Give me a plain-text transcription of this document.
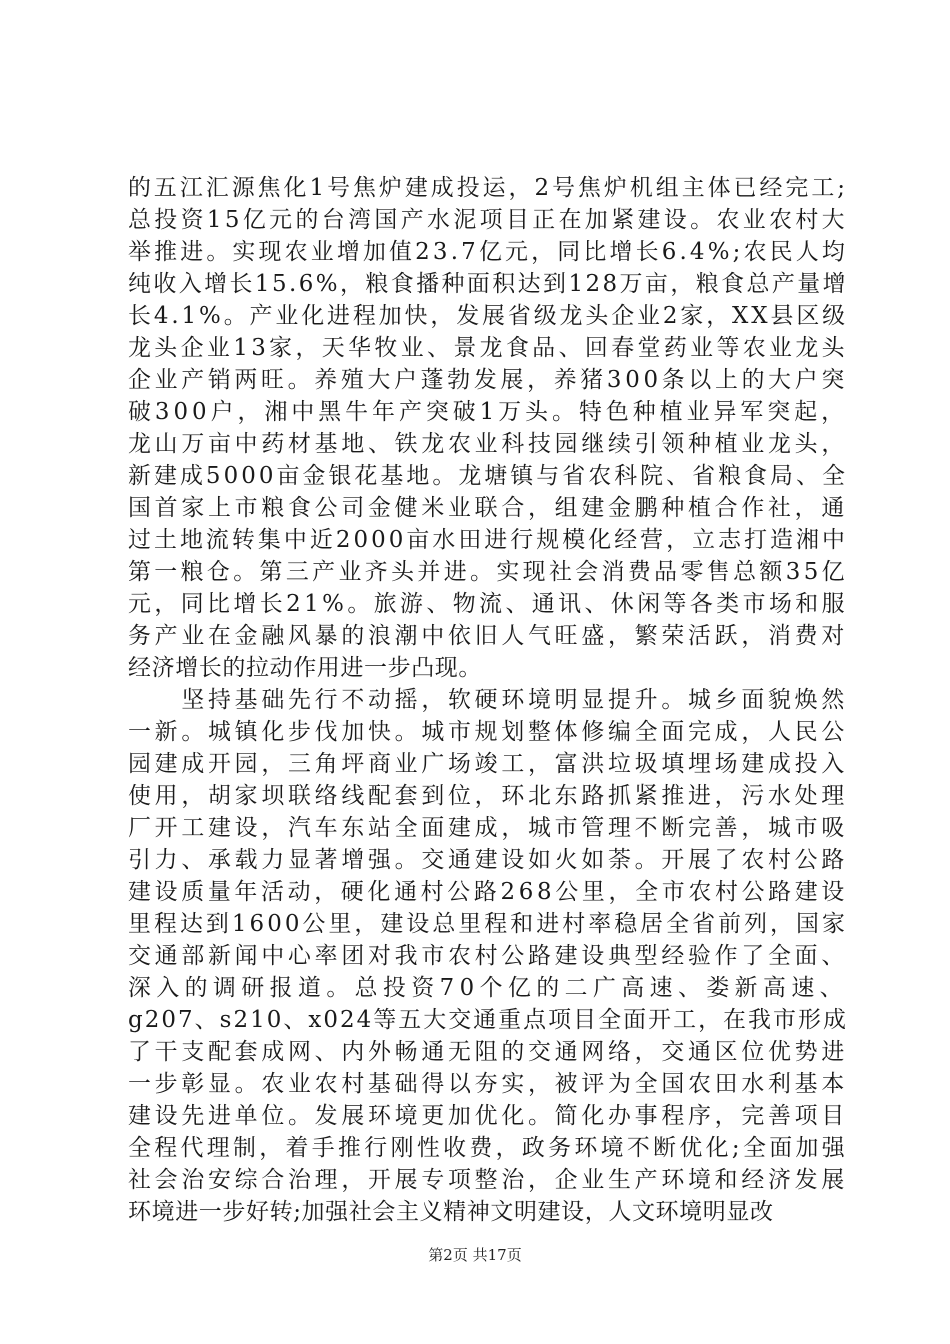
的五江汇源焦化1号焦炉建成投运，2号焦炉机组主体已经完工;
总投资15亿元的台湾国产水泥项目正在加紧建设。农业农村大
举推进。实现农业增加值23.7亿元，同比增长6.4%;农民人均
纯收入增长15.6%，粮食播种面积达到128万亩，粮食总产量增
长4.1%。产业化进程加快，发展省级龙头企业2家，XX县区级
龙头企业13家，天华牧业、景龙食品、回春堂药业等农业龙头
企业产销两旺。养殖大户蓬勃发展，养猪300条以上的大户突
破300户，湘中黑牛年产突破1万头。特色种植业异军突起，
龙山万亩中药材基地、铁龙农业科技园继续引领种植业龙头，
新建成5000亩金银花基地。龙塘镇与省农科院、省粮食局、全
国首家上市粮食公司金健米业联合，组建金鹏种植合作社，通
过土地流转集中近2000亩水田进行规模化经营，立志打造湘中
第一粮仓。第三产业齐头并进。实现社会消费品零售总额35亿
元，同比增长21%。旅游、物流、通讯、休闲等各类市场和服
务产业在金融风暴的浪潮中依旧人气旺盛，繁荣活跃，消费对
经济增长的拉动作用进一步凸现。
　　坚持基础先行不动摇，软硬环境明显提升。城乡面貌焕然
一新。城镇化步伐加快。城市规划整体修编全面完成，人民公
园建成开园，三角坪商业广场竣工，富洪垃圾填埋场建成投入
使用，胡家坝联络线配套到位，环北东路抓紧推进，污水处理
厂开工建设，汽车东站全面建成，城市管理不断完善，城市吸
引力、承载力显著增强。交通建设如火如荼。开展了农村公路
建设质量年活动，硬化通村公路268公里，全市农村公路建设
里程达到1600公里，建设总里程和进村率稳居全省前列，国家
交通部新闻中心率团对我市农村公路建设典型经验作了全面、
深入的调研报道。总投资70个亿的二广高速、娄新高速、
g207、s210、x024等五大交通重点项目全面开工，在我市形成
了干支配套成网、内外畅通无阻的交通网络，交通区位优势进
一步彰显。农业农村基础得以夯实，被评为全国农田水利基本
建设先进单位。发展环境更加优化。简化办事程序，完善项目
全程代理制，着手推行刚性收费，政务环境不断优化;全面加强
社会治安综合治理，开展专项整治，企业生产环境和经济发展
环境进一步好转;加强社会主义精神文明建设，人文环境明显改
第2页 共17页
